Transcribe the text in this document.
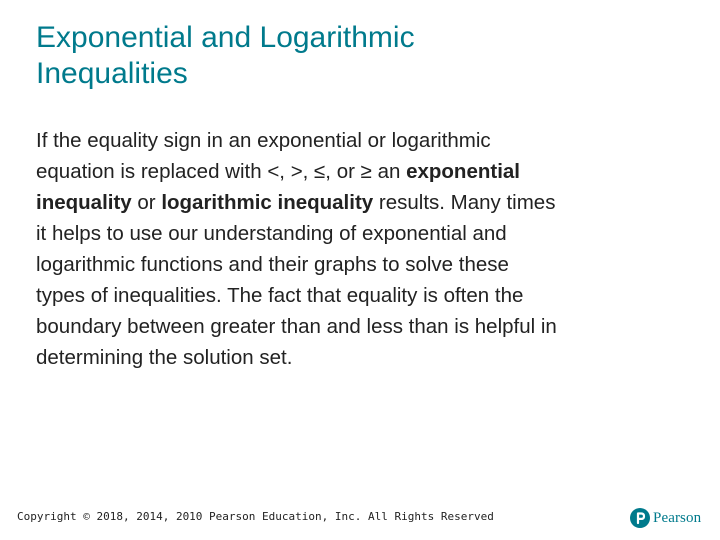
Exponential and Logarithmic
Inequalities

If the equality sign in an exponential or logarithmic
equation is replaced with <, >, ≤, or ≥ an exponential
inequality or logarithmic inequality results. Many times
it helps to use our understanding of exponential and
logarithmic functions and their graphs to solve these
types of inequalities. The fact that equality is often the
boundary between greater than and less than is helpful in
determining the solution set.

Copyright © 2018, 2014, 2010 Pearson Education, Inc. All Rights Reserved	Pearson
